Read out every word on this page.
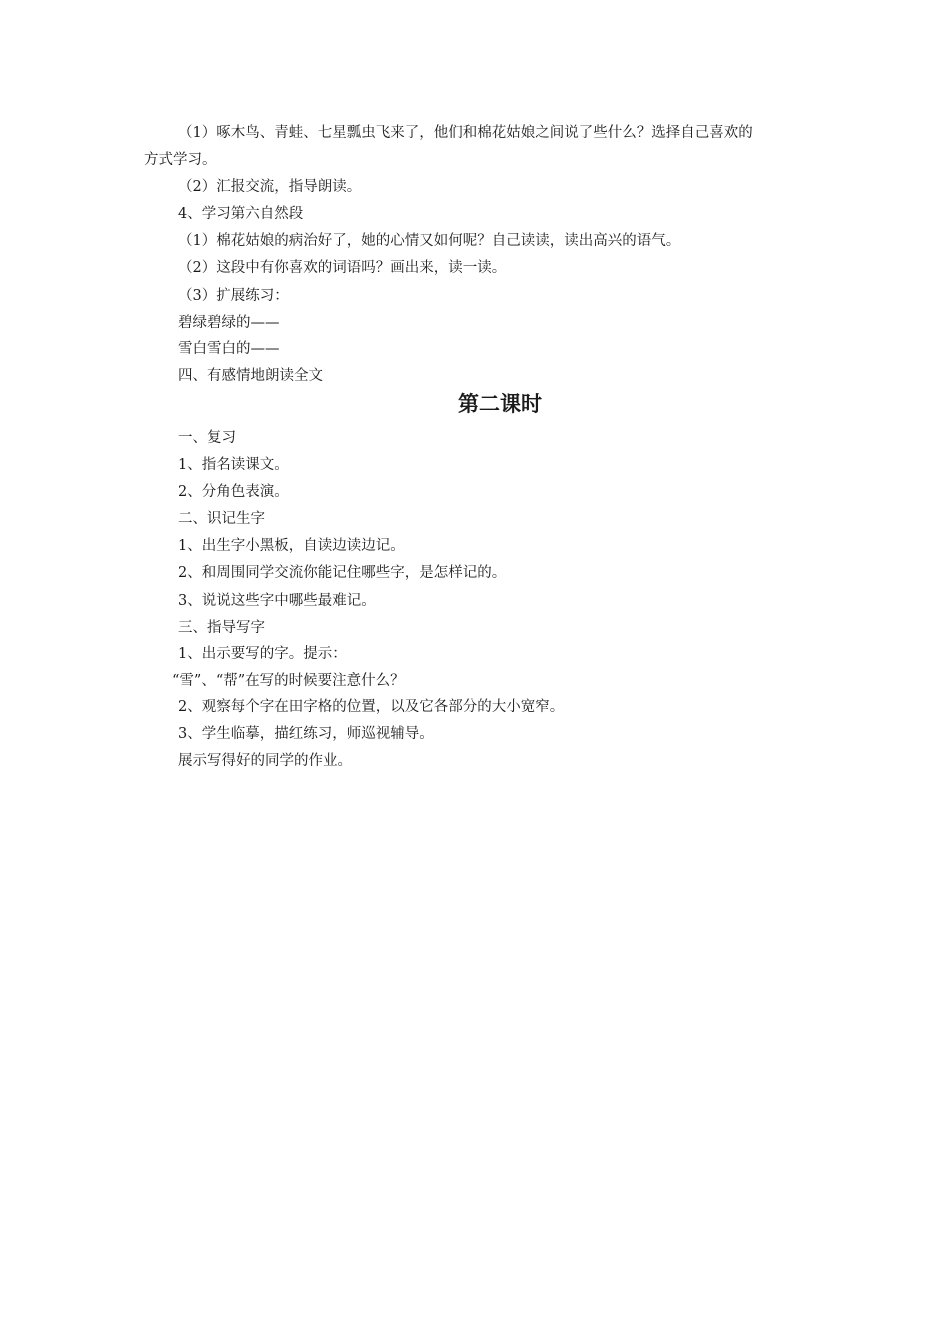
（1）啄木鸟、青蛙、七星瓢虫飞来了，他们和棉花姑娘之间说了些什么？选择自己喜欢的
方式学习。
（2）汇报交流，指导朗读。
4、学习第六自然段
（1）棉花姑娘的病治好了，她的心情又如何呢？自己读读，读出高兴的语气。
（2）这段中有你喜欢的词语吗？画出来，读一读。
（3）扩展练习：
碧绿碧绿的——
雪白雪白的——
四、有感情地朗读全文
第二课时
一、复习
1、指名读课文。
2、分角色表演。
二、识记生字
1、出生字小黑板，自读边读边记。
2、和周围同学交流你能记住哪些字，是怎样记的。
3、说说这些字中哪些最难记。
三、指导写字
1、出示要写的字。提示：
“雪”、“帮”在写的时候要注意什么？
2、观察每个字在田字格的位置，以及它各部分的大小宽窄。
3、学生临摹，描红练习，师巡视辅导。
展示写得好的同学的作业。
